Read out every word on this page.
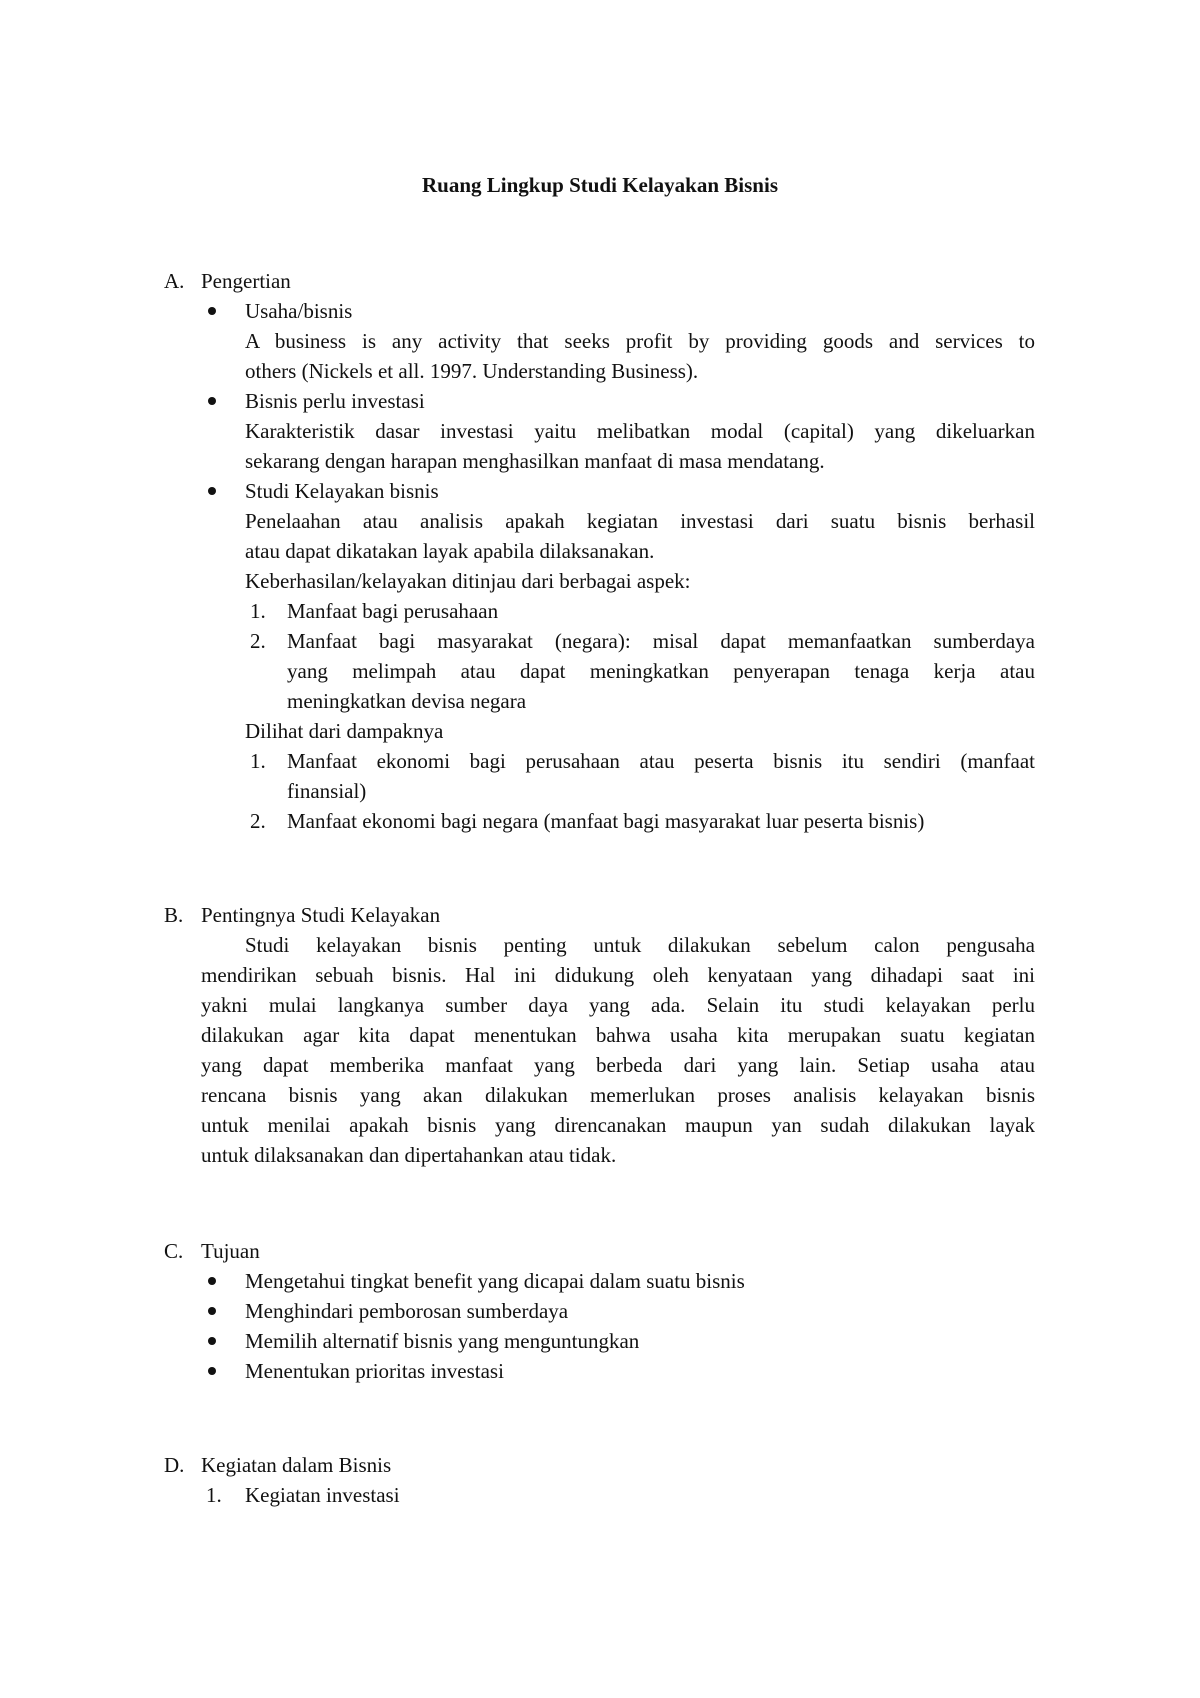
Ruang Lingkup Studi Kelayakan Bisnis
A. Pengertian
Usaha/bisnis
A business is any activity that seeks profit by providing goods and services to
others (Nickels et all. 1997. Understanding Business).
Bisnis perlu investasi
Karakteristik dasar investasi yaitu melibatkan modal (capital) yang dikeluarkan
sekarang dengan harapan menghasilkan manfaat di masa mendatang.
Studi Kelayakan bisnis
Penelaahan atau analisis apakah kegiatan investasi dari suatu bisnis berhasil
atau dapat dikatakan layak apabila dilaksanakan.
Keberhasilan/kelayakan ditinjau dari berbagai aspek:
1. Manfaat bagi perusahaan
2. Manfaat bagi masyarakat (negara): misal dapat memanfaatkan sumberdaya
yang melimpah atau dapat meningkatkan penyerapan tenaga kerja atau
meningkatkan devisa negara
Dilihat dari dampaknya
1. Manfaat ekonomi bagi perusahaan atau peserta bisnis itu sendiri (manfaat
finansial)
2. Manfaat ekonomi bagi negara (manfaat bagi masyarakat luar peserta bisnis)
B. Pentingnya Studi Kelayakan
Studi kelayakan bisnis penting untuk dilakukan sebelum calon pengusaha
mendirikan sebuah bisnis. Hal ini didukung oleh kenyataan yang dihadapi saat ini
yakni mulai langkanya sumber daya yang ada. Selain itu studi kelayakan perlu
dilakukan agar kita dapat menentukan bahwa usaha kita merupakan suatu kegiatan
yang dapat memberika manfaat yang berbeda dari yang lain. Setiap usaha atau
rencana bisnis yang akan dilakukan memerlukan proses analisis kelayakan bisnis
untuk menilai apakah bisnis yang direncanakan maupun yan sudah dilakukan layak
untuk dilaksanakan dan dipertahankan atau tidak.
C. Tujuan
Mengetahui tingkat benefit yang dicapai dalam suatu bisnis
Menghindari pemborosan sumberdaya
Memilih alternatif bisnis yang menguntungkan
Menentukan prioritas investasi
D. Kegiatan dalam Bisnis
1. Kegiatan investasi
